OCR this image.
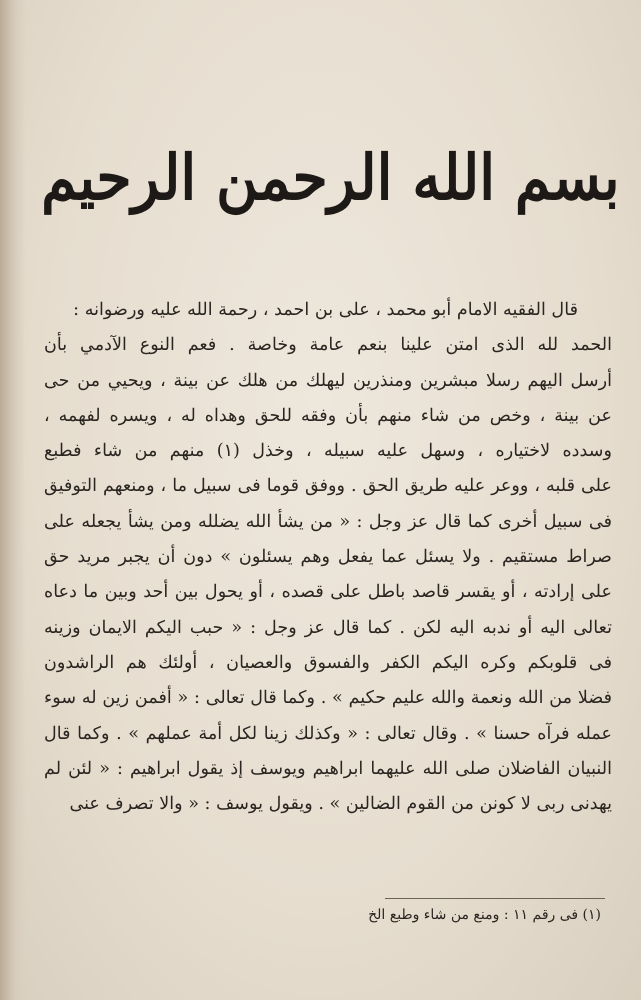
بسم الله الرحمن الرحيم
قال الفقيه الامام أبو محمد ، على بن احمد ، رحمة الله عليه ورضوانه :
الحمد لله الذى امتن علينا بنعم عامة وخاصة . فعم النوع الآدمي بأن
أرسل اليهم رسلا مبشرين ومنذرين ليهلك من هلك عن بينة ، ويحيي من حى
عن بينة ، وخص من شاء منهم بأن وفقه للحق وهداه له ، ويسره لفهمه ،
وسدده لاختياره ، وسهل عليه سبيله ، وخذل (١) منهم من شاء فطبع
على قلبه ، ووعر عليه طريق الحق . ووفق قوما فى سبيل ما ، ومنعهم التوفيق
فى سبيل أخرى كما قال عز وجل : « من يشأ الله يضلله ومن يشأ يجعله على
صراط مستقيم . ولا يسئل عما يفعل وهم يسئلون » دون أن يجبر مريد حق
على إرادته ، أو يقسر قاصد باطل على قصده ، أو يحول بين أحد وبين ما دعاه
تعالى اليه أو ندبه اليه لكن . كما قال عز وجل : « حبب اليكم الايمان وزينه
فى قلوبكم وكره اليكم الكفر والفسوق والعصيان ، أولئك هم الراشدون
فضلا من الله ونعمة والله عليم حكيم » . وكما قال تعالى : « أفمن زين له سوء
عمله فرآه حسنا » . وقال تعالى : « وكذلك زينا لكل أمة عملهم » . وكما قال
النبيان الفاضلان صلى الله عليهما ابراهيم ويوسف إذ يقول ابراهيم : « لئن لم
يهدنى ربى لا كونن من القوم الضالين » . ويقول يوسف : « والا تصرف عنى
(١) فى رقم ١١ : ومنع من شاء وطبع الخ
